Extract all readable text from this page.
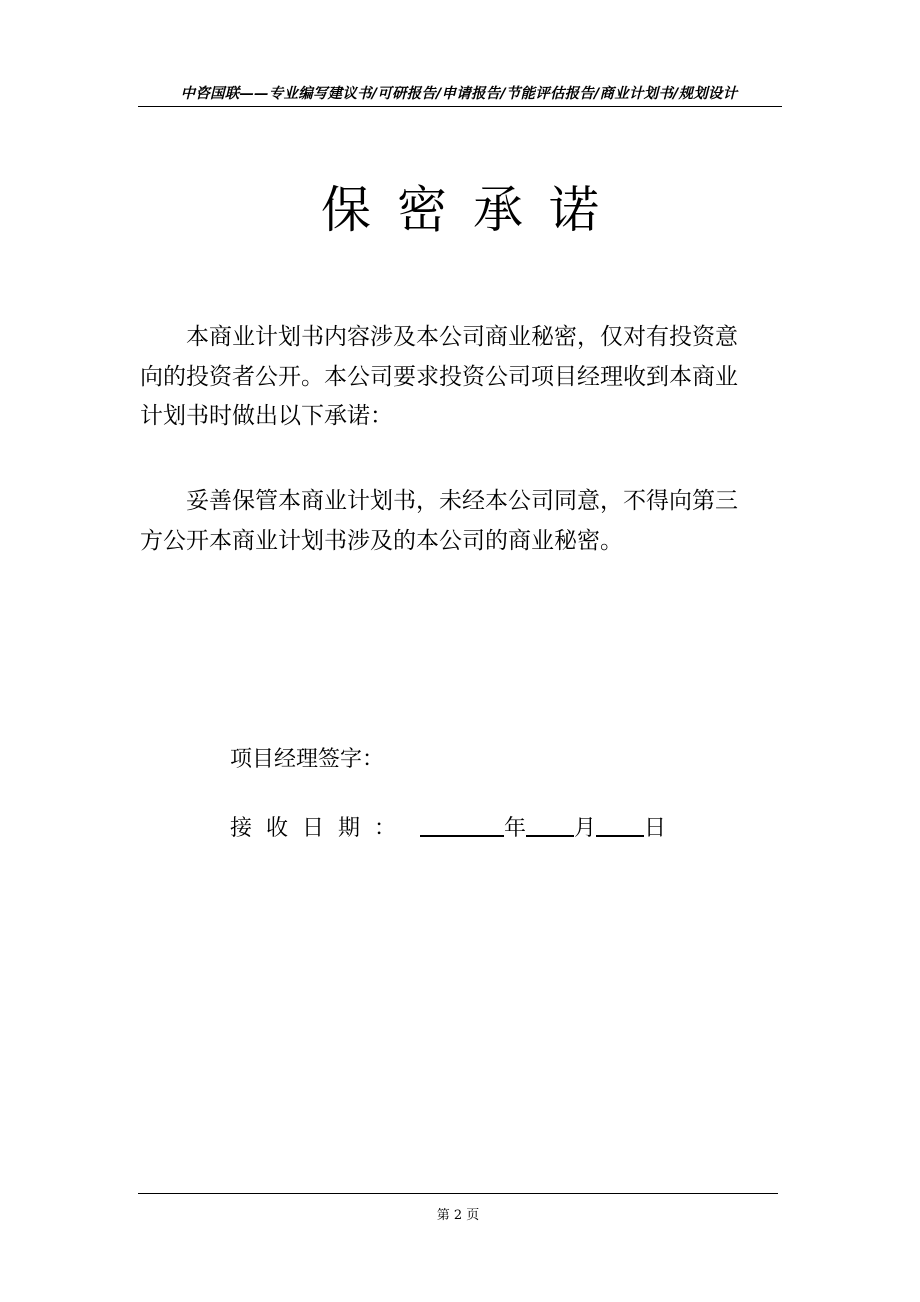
中咨国联——专业编写建议书/可研报告/申请报告/节能评估报告/商业计划书/规划设计
保密承诺
本商业计划书内容涉及本公司商业秘密，仅对有投资意
向的投资者公开。本公司要求投资公司项目经理收到本商业
计划书时做出以下承诺：
妥善保管本商业计划书，未经本公司同意，不得向第三
方公开本商业计划书涉及的本公司的商业秘密。
项目经理签字：
接收日期：	年 月 日
第 2 页
